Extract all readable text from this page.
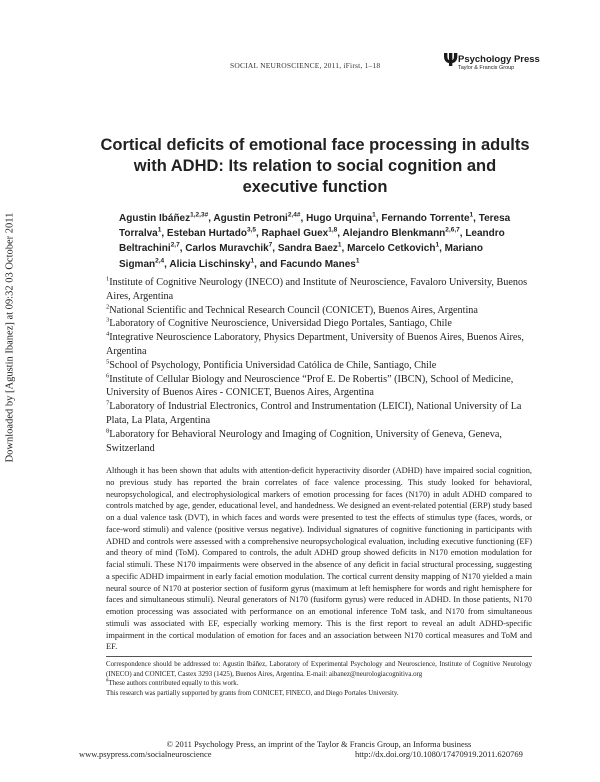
SOCIAL NEUROSCIENCE, 2011, iFirst, 1–18	Ψ Psychology Press
Taylor & Francis Group
Downloaded by [Agustin Ibanez] at 09:32 03 October 2011
Cortical deficits of emotional face processing in adults with ADHD: Its relation to social cognition and executive function
Agustin Ibáñez$^{1,2,3\#}$, Agustin Petroni$^{2,4\#}$, Hugo Urquina$^1$, Fernando Torrente$^1$, Teresa Torralva$^1$, Esteban Hurtado$^{3,5}$, Raphael Guex$^{1,8}$, Alejandro Blenkmann$^{2,6,7}$, Leandro Beltrachini$^{2,7}$, Carlos Muravchik$^7$, Sandra Baez$^1$, Marcelo Cetkovich$^1$, Mariano Sigman$^{2,4}$, Alicia Lischinsky$^1$, and Facundo Manes$^1$
$^1$Institute of Cognitive Neurology (INECO) and Institute of Neuroscience, Favaloro University, Buenos Aires, Argentina
$^2$National Scientific and Technical Research Council (CONICET), Buenos Aires, Argentina
$^3$Laboratory of Cognitive Neuroscience, Universidad Diego Portales, Santiago, Chile
$^4$Integrative Neuroscience Laboratory, Physics Department, University of Buenos Aires, Buenos Aires, Argentina
$^5$School of Psychology, Pontificia Universidad Católica de Chile, Santiago, Chile
$^6$Institute of Cellular Biology and Neuroscience “Prof E. De Robertis” (IBCN), School of Medicine, University of Buenos Aires - CONICET, Buenos Aires, Argentina
$^7$Laboratory of Industrial Electronics, Control and Instrumentation (LEICI), National University of La Plata, La Plata, Argentina
$^8$Laboratory for Behavioral Neurology and Imaging of Cognition, University of Geneva, Geneva, Switzerland
Although it has been shown that adults with attention-deficit hyperactivity disorder (ADHD) have impaired social cognition, no previous study has reported the brain correlates of face valence processing. This study looked for behavioral, neuropsychological, and electrophysiological markers of emotion processing for faces (N170) in adult ADHD compared to controls matched by age, gender, educational level, and handedness. We designed an event-related potential (ERP) study based on a dual valence task (DVT), in which faces and words were presented to test the effects of stimulus type (faces, words, or face-word stimuli) and valence (positive versus negative). Individual signatures of cognitive functioning in participants with ADHD and controls were assessed with a comprehensive neuropsychological evaluation, including executive functioning (EF) and theory of mind (ToM). Compared to controls, the adult ADHD group showed deficits in N170 emotion modulation for facial stimuli. These N170 impairments were observed in the absence of any deficit in facial structural processing, suggesting a specific ADHD impairment in early facial emotion modulation. The cortical current density mapping of N170 yielded a main neural source of N170 at posterior section of fusiform gyrus (maximum at left hemisphere for words and right hemisphere for faces and simultaneous stimuli). Neural generators of N170 (fusiform gyrus) were reduced in ADHD. In those patients, N170 emotion processing was associated with performance on an emotional inference ToM task, and N170 from simultaneous stimuli was associated with EF, especially working memory. This is the first report to reveal an adult ADHD-specific impairment in the cortical modulation of emotion for faces and an association between N170 cortical measures and ToM and EF.
Correspondence should be addressed to: Agustin Ibáñez, Laboratory of Experimental Psychology and Neuroscience, Institute of Cognitive Neurology (INECO) and CONICET, Castex 3293 (1425), Buenos Aires, Argentina. E-mail: aibanez@neurologiacognitiva.org
#These authors contributed equally to this work.
This research was partially supported by grants from CONICET, FINECO, and Diego Portales University.
© 2011 Psychology Press, an imprint of the Taylor & Francis Group, an Informa business
www.psypress.com/socialneuroscience	http://dx.doi.org/10.1080/17470919.2011.620769
